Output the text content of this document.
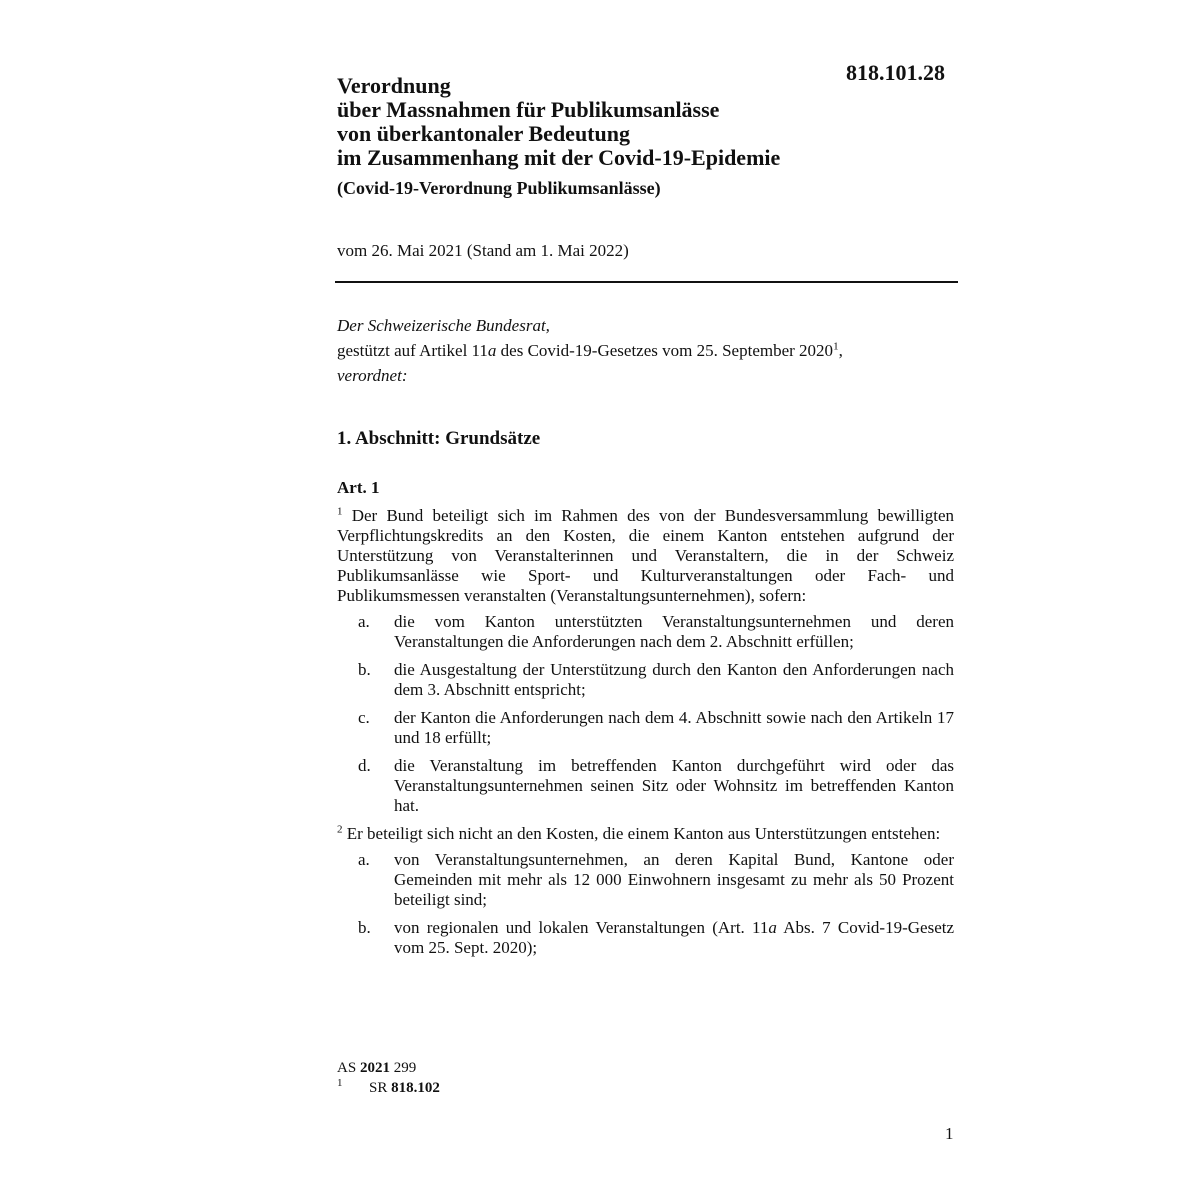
818.101.28
Verordnung
über Massnahmen für Publikumsanlässe
von überkantonaler Bedeutung
im Zusammenhang mit der Covid-19-Epidemie
(Covid-19-Verordnung Publikumsanlässe)
vom 26. Mai 2021 (Stand am 1. Mai 2022)
Der Schweizerische Bundesrat,
gestützt auf Artikel 11a des Covid-19-Gesetzes vom 25. September 2020$^1$,
verordnet:
1. Abschnitt: Grundsätze
Art. 1

$^1$ Der Bund beteiligt sich im Rahmen des von der Bundesversammlung bewilligten Verpflichtungskredits an den Kosten, die einem Kanton entstehen aufgrund der Unterstützung von Veranstalterinnen und Veranstaltern, die in der Schweiz Publikumsanlässe wie Sport- und Kulturveranstaltungen oder Fach- und Publikumsmessen veranstalten (Veranstaltungsunternehmen), sofern:

a. die vom Kanton unterstützten Veranstaltungsunternehmen und deren Veranstaltungen die Anforderungen nach dem 2. Abschnitt erfüllen;
b. die Ausgestaltung der Unterstützung durch den Kanton den Anforderungen nach dem 3. Abschnitt entspricht;
c. der Kanton die Anforderungen nach dem 4. Abschnitt sowie nach den Artikeln 17 und 18 erfüllt;
d. die Veranstaltung im betreffenden Kanton durchgeführt wird oder das Veranstaltungsunternehmen seinen Sitz oder Wohnsitz im betreffenden Kanton hat.

$^2$ Er beteiligt sich nicht an den Kosten, die einem Kanton aus Unterstützungen entstehen:

a. von Veranstaltungsunternehmen, an deren Kapital Bund, Kantone oder Gemeinden mit mehr als 12 000 Einwohnern insgesamt zu mehr als 50 Prozent beteiligt sind;
b. von regionalen und lokalen Veranstaltungen (Art. 11a Abs. 7 Covid-19-Gesetz vom 25. Sept. 2020);
AS 2021 299
1 SR 818.102
1
